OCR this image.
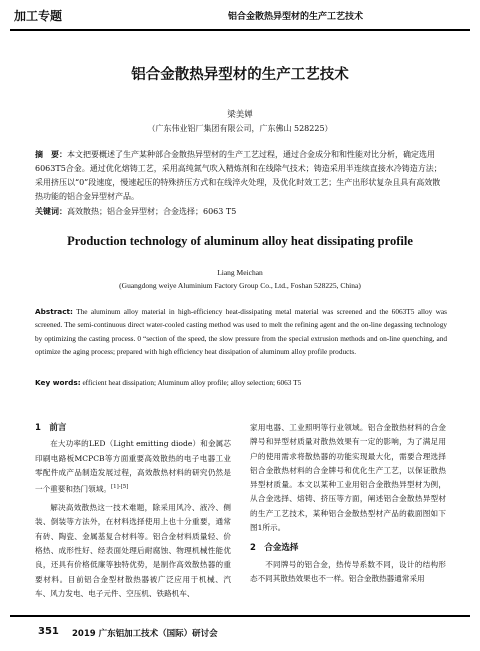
加工专题	铝合金散热异型材的生产工艺技术
铝合金散热异型材的生产工艺技术
梁美婵
（广东伟业铝厂集团有限公司，广东佛山 528225）
摘　要：本文把要概述了生产某种部合金散热异型材的生产工艺过程，通过合金成分和和性能对比分析，确定选用6063T5合金。通过优化熔铸工艺，采用高纯氮气吹入精炼剂和在线除气技术；铸造采用半连续直接水冷铸造方法；采用挤压以“0”段速度，慢速起压的特殊挤压方式和在线淬火处理，及优化时效工艺；生产出形状复杂且具有高效散热功能的铝合金异型材产品。
关键词：高效散热；铝合金异型材；合金选择；6063 T5
Production technology of aluminum alloy heat dissipating profile
Liang Meichan
(Guangdong weiye Aluminium Factory Group Co., Ltd., Foshan 528225, China)
Abstract: The aluminum alloy material in high-efficiency heat-dissipating metal material was screened and the 6063T5 alloy was screened. The semi-continuous direct water-cooled casting method was used to melt the refining agent and the on-line degassing technology by optimizing the casting process. 0 “section of the speed, the slow pressure from the special extrusion methods and on-line quenching, and optimize the aging process; prepared with high efficiency heat dissipation of aluminum alloy profile products.
Key words: efficient heat dissipation; Aluminum alloy profile; alloy selection; 6063 T5
1　前言
在大功率的LED（Light emitting diode）和金属芯印刷电路板MCPCB等方面重要高效散热的电子电器工业零配件成产品制造发展过程，高效散热材料的研究仍然是一个重要和热门领域。[1]-[5]
解决高效散热这一技术难题，除采用风冷、液冷、侧装、倒装等方法外，在材料选择使用上也十分重要，通常有砖、陶瓷、金属基复合材料等。铝合金材料质量轻、价格热、成形性好、经表面处理后耐腐蚀、物理机械性能优良，还具有价格低廉等独特优势，是制作高效散热器的重要材料。目前铝合金型材散热器被广泛应用于机械、汽车、风力发电、电子元件、空压机、铁路机车、
家用电器、工业照明等行业领域。铝合金散热材料的合金牌号和异型材质量对散热效果有一定的影响，为了满足用户的使用需求将散热器的功能实现最大化，需要合理选择铝合金散热材料的合金牌号和优化生产工艺，以保证散热异型材质量。本文以某种工业用铝合金散热异型材为例，从合金选择、熔铸、挤压等方面，阐述铝合金散热异型材的生产工艺技术，某种铝合金散热型材产品的截面图如下图1所示。
2　合金选择
不同牌号的铝合金，热传导系数不同，设计的结构形态不同其散热效果也不一样。铝合金散热器通常采用
351 2019 广东铝加工技术（国际）研讨会
